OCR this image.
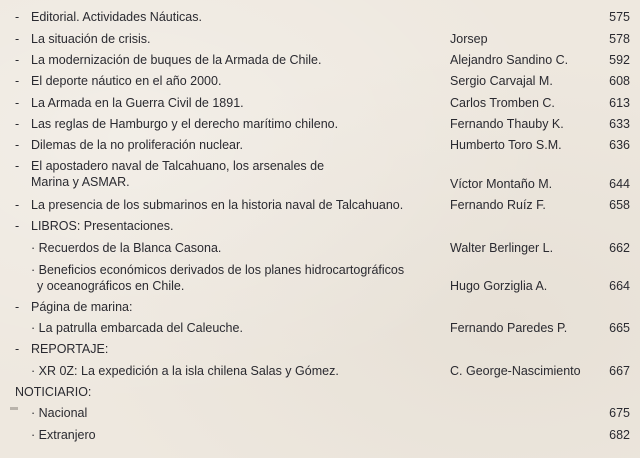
- Editorial. Actividades Náuticas.	575
- La situación de crisis.	Jorsep	578
- La modernización de buques de la Armada de Chile.	Alejandro Sandino C.	592
- El deporte náutico en el año 2000.	Sergio Carvajal M.	608
- La Armada en la Guerra Civil de 1891.	Carlos Tromben C.	613
- Las reglas de Hamburgo y el derecho marítimo chileno.	Fernando Thauby K.	633
- Dilemas de la no proliferación nuclear.	Humberto Toro S.M.	636
- El apostadero naval de Talcahuano, los arsenales de
Marina y ASMAR.	Víctor Montaño M.	644
- La presencia de los submarinos en la historia naval de Talcahuano.	Fernando Ruíz F.	658
- LIBROS: Presentaciones.
· Recuerdos de la Blanca Casona.	Walter Berlinger L.	662
· Beneficios económicos derivados de los planes hidrocartográficos
y oceanográficos en Chile.	Hugo Gorziglia A.	664
- Página de marina:
· La patrulla embarcada del Caleuche.	Fernando Paredes P.	665
- REPORTAJE:
· XR 0Z: La expedición a la isla chilena Salas y Gómez.	C. George-Nascimiento 667
NOTICIARIO:
· Nacional	675
· Extranjero	682
